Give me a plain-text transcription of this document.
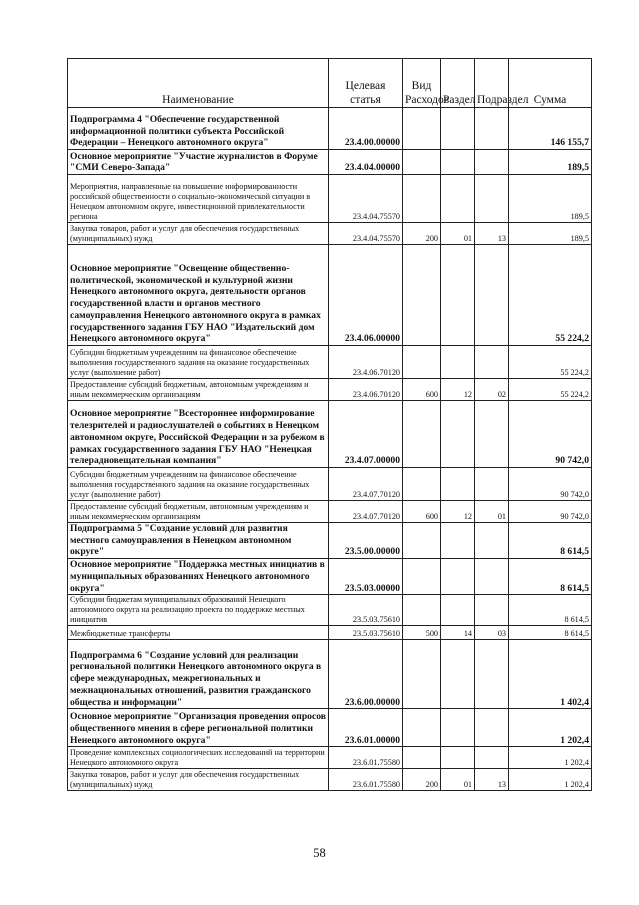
Наименование	Целевая статья	Вид Расходов	Раздел	Подраздел	Сумма
Подпрограмма 4 "Обеспечение государственной информационной политики субъекта Российской Федерации – Ненецкого автономного округа"	23.4.00.00000				146 155,7
Основное мероприятие "Участие журналистов в Форуме "СМИ Северо-Запада"	23.4.04.00000				189,5
Мероприятия, направленные на повышение информированности российской общественности о социально-экономической ситуации в Ненецком автономном округе, инвестиционной привлекательности региона	23.4.04.75570				189,5
Закупка товаров, работ и услуг для обеспечения государственных (муниципальных) нужд	23.4.04.75570	200	01	13	189,5
Основное мероприятие "Освещение общественно-политической, экономической и культурной жизни Ненецкого автономного округа, деятельности органов государственной власти и органов местного самоуправления Ненецкого автономного округа в рамках государственного задания ГБУ НАО "Издательский дом Ненецкого автономного округа"	23.4.06.00000				55 224,2
Субсидии бюджетным учреждениям на финансовое обеспечение выполнения государственного задания на оказание государственных услуг (выполнение работ)	23.4.06.70120				55 224,2
Предоставление субсидий бюджетным, автономным учреждениям и иным некоммерческим организациям	23.4.06.70120	600	12	02	55 224,2
Основное мероприятие "Всестороннее информирование телезрителей и радиослушателей о событиях в Ненецком автономном округе, Российской Федерации и за рубежом в рамках государственного задания ГБУ НАО "Ненецкая телерадиовещательная компания"	23.4.07.00000				90 742,0
Субсидии бюджетным учреждениям на финансовое обеспечение выполнения государственного задания на оказание государственных услуг (выполнение работ)	23.4.07.70120				90 742,0
Предоставление субсидий бюджетным, автономным учреждениям и иным некоммерческим организациям	23.4.07.70120	600	12	01	90 742,0
Подпрограмма 5 "Создание условий для развития местного самоуправления в Ненецком автономном округе"	23.5.00.00000				8 614,5
Основное мероприятие "Поддержка местных инициатив в муниципальных образованиях Ненецкого автономного округа"	23.5.03.00000				8 614,5
Субсидии бюджетам муниципальных образований Ненецкого автономного округа на реализацию проекта по поддержке местных инициатив	23.5.03.75610				8 614,5
Межбюджетные трансферты	23.5.03.75610	500	14	03	8 614,5
Подпрограмма 6 "Создание условий для реализации региональной политики Ненецкого автономного округа в сфере международных, межрегиональных и межнациональных отношений, развития гражданского общества и информации"	23.6.00.00000				1 402,4
Основное мероприятие "Организация проведения опросов общественного мнения в сфере региональной политики Ненецкого автономного округа"	23.6.01.00000				1 202,4
Проведение комплексных социологических исследований на территории Ненецкого автономного округа	23.6.01.75580				1 202,4
Закупка товаров, работ и услуг для обеспечения государственных (муниципальных) нужд	23.6.01.75580	200	01	13	1 202,4
58
